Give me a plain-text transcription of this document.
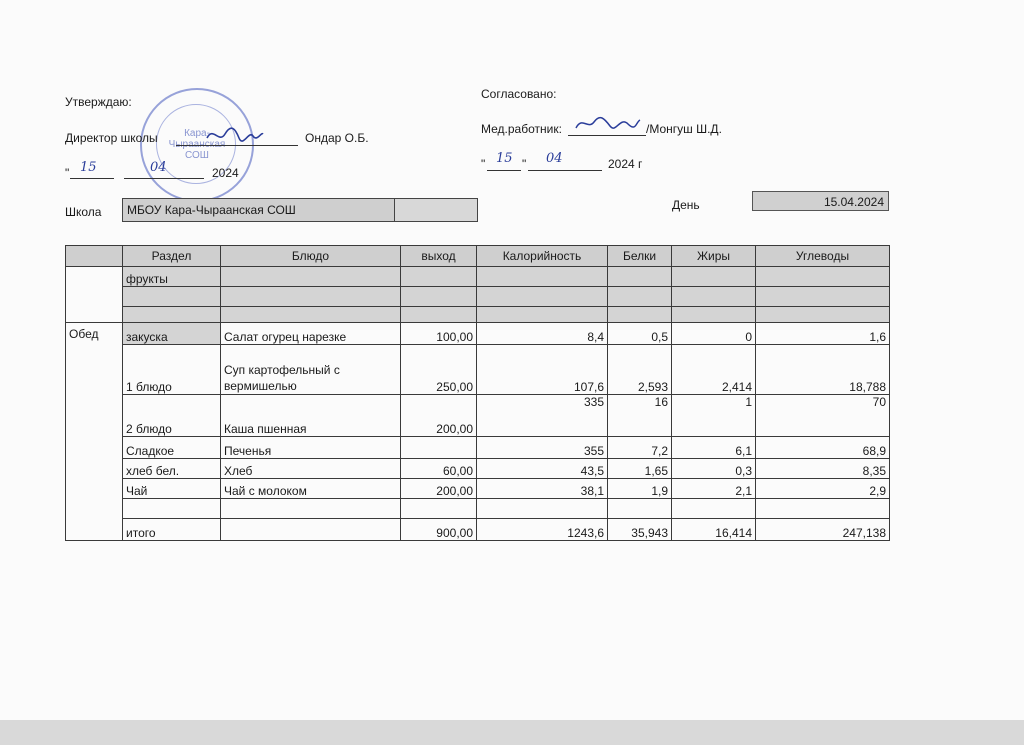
Кара-Чыраанская СОШ
Утверждаю:
Директор школы	Ондар О.Б.
" 15	04	2024
Согласовано:
Мед.работник:	/Монгуш Ш.Д.
" 15 " 04	2024 г
Школа	МБОУ Кара-Чыраанская СОШ	День	15.04.2024
	Раздел	Блюдо	выход	Калорийность	Белки	Жиры	Углеводы
	фрукты						

Обед	закуска	Салат огурец нарезке	100,00	8,4	0,5	0	1,6
	1 блюдо	Суп картофельный с вермишелью	250,00	107,6	2,593	2,414	18,788
	2 блюдо	Каша пшенная	200,00	335	16	1	70
	Сладкое	Печенья		355	7,2	6,1	68,9
	хлеб бел.	Хлеб	60,00	43,5	1,65	0,3	8,35
	Чай	Чай с молоком	200,00	38,1	1,9	2,1	2,9

	итого		900,00	1243,6	35,943	16,414	247,138
